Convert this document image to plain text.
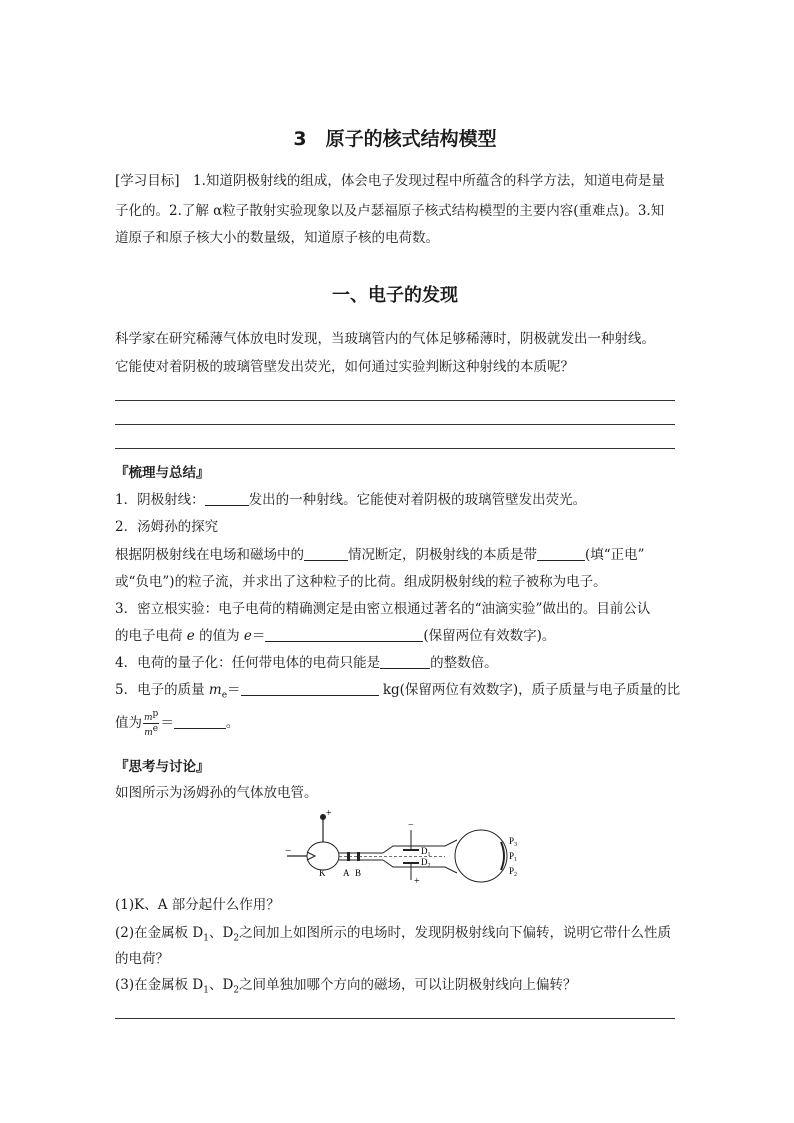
3　原子的核式结构模型
[学习目标]　1.知道阴极射线的组成，体会电子发现过程中所蕴含的科学方法，知道电荷是量
子化的。2.了解 α粒子散射实验现象以及卢瑟福原子核式结构模型的主要内容(重难点)。3.知
道原子和原子核大小的数量级，知道原子核的电荷数。
一、电子的发现
科学家在研究稀薄气体放电时发现，当玻璃管内的气体足够稀薄时，阴极就发出一种射线。
它能使对着阴极的玻璃管壁发出荧光，如何通过实验判断这种射线的本质呢？
『梳理与总结』
1．阴极射线：	发出的一种射线。它能使对着阴极的玻璃管壁发出荧光。
2．汤姆孙的探究
根据阴极射线在电场和磁场中的	情况断定，阴极射线的本质是带	(填“正电”
或“负电”)的粒子流，并求出了这种粒子的比荷。组成阴极射线的粒子被称为电子。
3．密立根实验：电子电荷的精确测定是由密立根通过著名的“油滴实验”做出的。目前公认
的电子电荷 e 的值为 e＝	(保留两位有效数字)。
4．电荷的量子化：任何带电体的电荷只能是	的整数倍。
5．电子的质量 $m_e=$	kg(保留两位有效数字)，质子质量与电子质量的比
值为 $\frac{m^p}{m^e}$ ＝	。
『思考与讨论』
如图所示为汤姆孙的气体放电管。
K A B
$D_1$
$D_2$
$P_3$
$P_1$
$P_2$
−
+
−
+
(1)K、A 部分起什么作用？
(2)在金属板 $D_1$、$D_2$之间加上如图所示的电场时，发现阴极射线向下偏转，说明它带什么性质
的电荷？
(3)在金属板 $D_1$、$D_2$之间单独加哪个方向的磁场，可以让阴极射线向上偏转？
